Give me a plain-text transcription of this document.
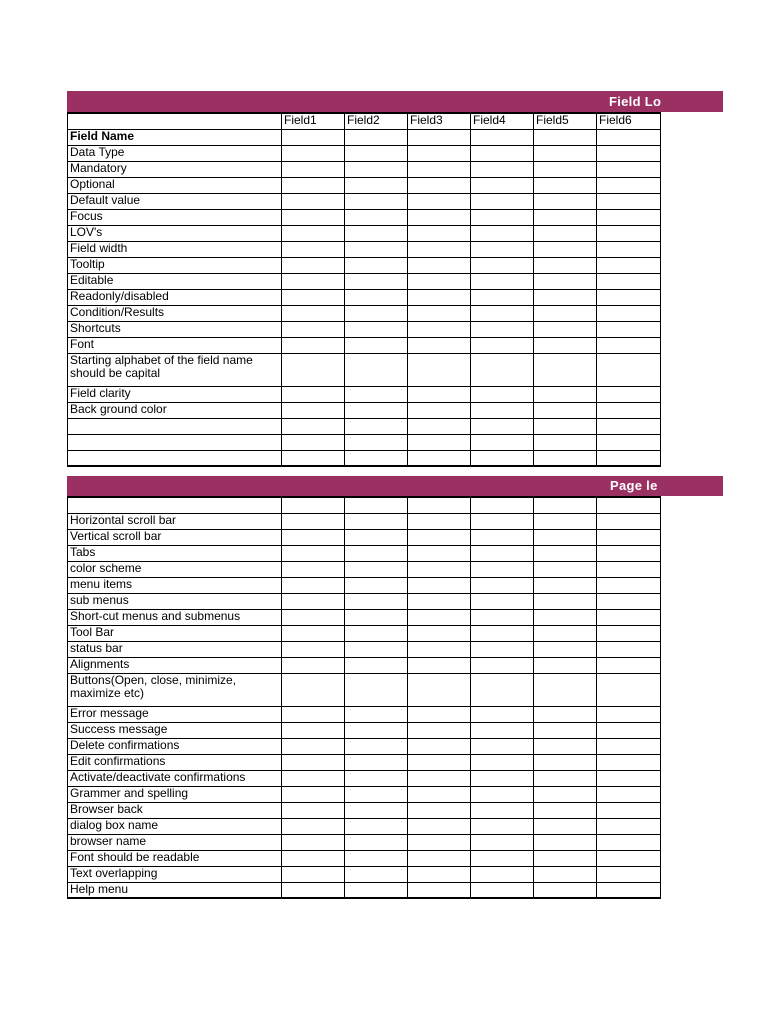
Field Lo
	Field1	Field2	Field3	Field4	Field5	Field6
Field Name						
Data Type						
Mandatory						
Optional						
Default value						
Focus						
LOV's						
Field width						
Tooltip						
Editable						
Readonly/disabled						
Condition/Results						
Shortcuts						
Font						
Starting alphabet of the field name should be capital						
Field clarity						
Back ground color						

Page le

Horizontal scroll bar						
Vertical scroll bar						
Tabs						
color scheme						
menu items						
sub menus						
Short-cut menus and submenus						
Tool Bar						
status bar						
Alignments						
Buttons(Open, close, minimize, maximize etc)						
Error message						
Success message						
Delete confirmations						
Edit confirmations						
Activate/deactivate confirmations						
Grammer and spelling						
Browser back						
dialog box name						
browser name						
Font should be readable						
Text overlapping						
Help menu						
